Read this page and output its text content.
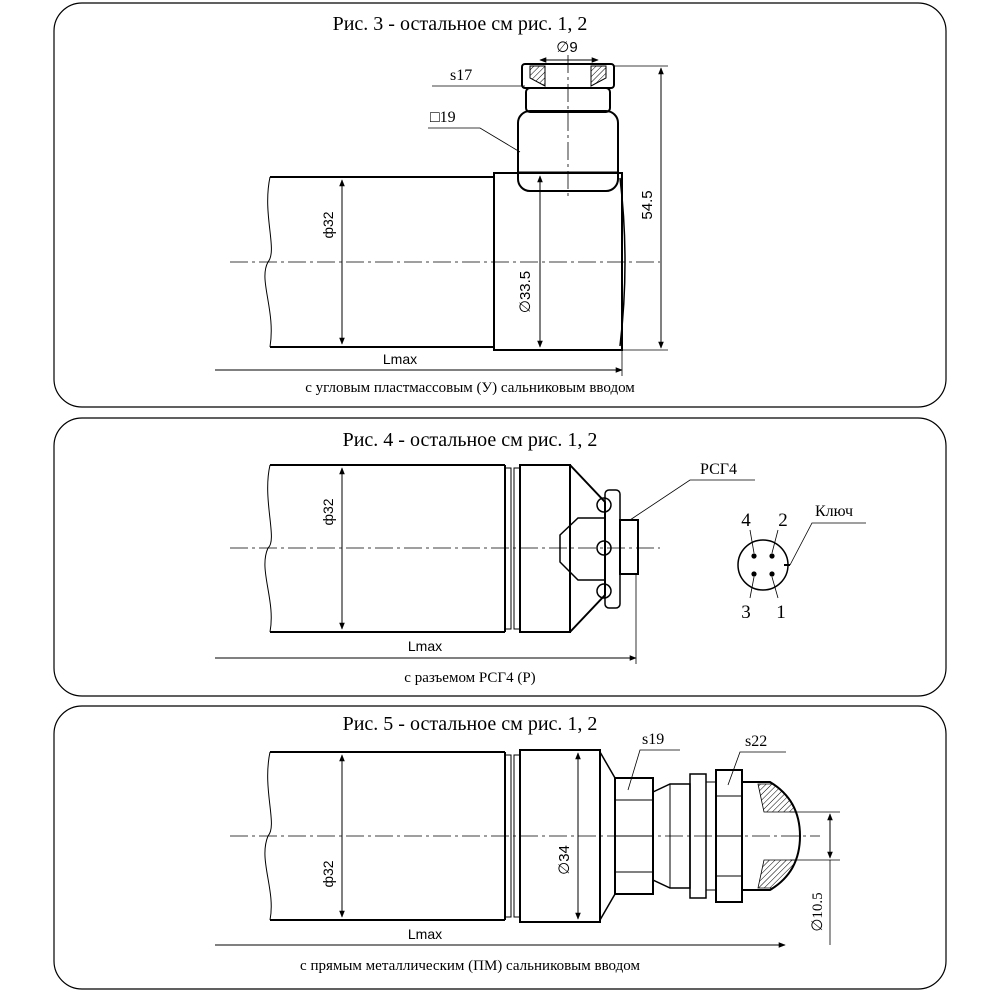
Рис. 3 - остальное см рис. 1, 2
ф32
∅33.5
54.5
∅9
s17
□19
Lmax
с угловым пластмассовым (У) сальниковым вводом
Рис. 4 - остальное см рис. 1, 2
ф32
РСГ4
Lmax
4 2
3 1
Ключ
с разъемом РСГ4 (Р)
Рис. 5 - остальное см рис. 1, 2
ф32	∅34
s19	s22
∅10.5
Lmax
с прямым металлическим (ПМ) сальниковым вводом
